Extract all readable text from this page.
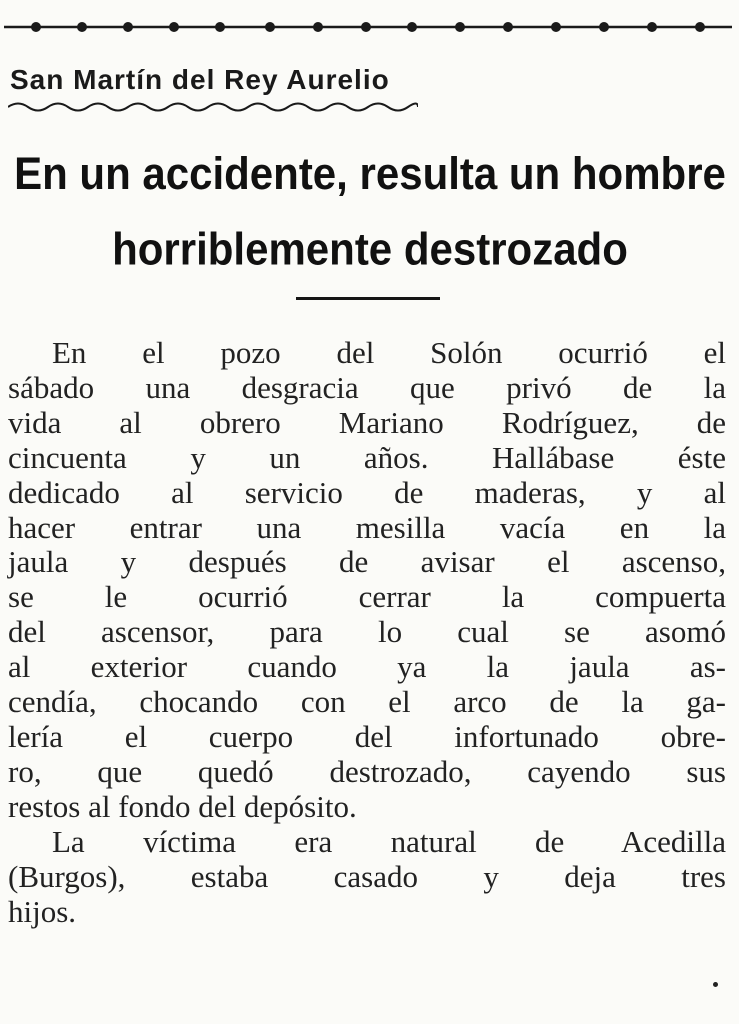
San Martín del Rey Aurelio
En un accidente, resulta un hombre
horriblemente destrozado
En el pozo del Solón ocurrió el
sábado una desgracia que privó de la
vida al obrero Mariano Rodríguez, de
cincuenta y un años. Hallábase éste
dedicado al servicio de maderas, y al
hacer entrar una mesilla vacía en la
jaula y después de avisar el ascenso,
se le ocurrió cerrar la compuerta
del ascensor, para lo cual se asomó
al exterior cuando ya la jaula as-
cendía, chocando con el arco de la ga-
lería el cuerpo del infortunado obre-
ro, que quedó destrozado, cayendo sus
restos al fondo del depósito.
La víctima era natural de Acedilla
(Burgos), estaba casado y deja tres
hijos.
